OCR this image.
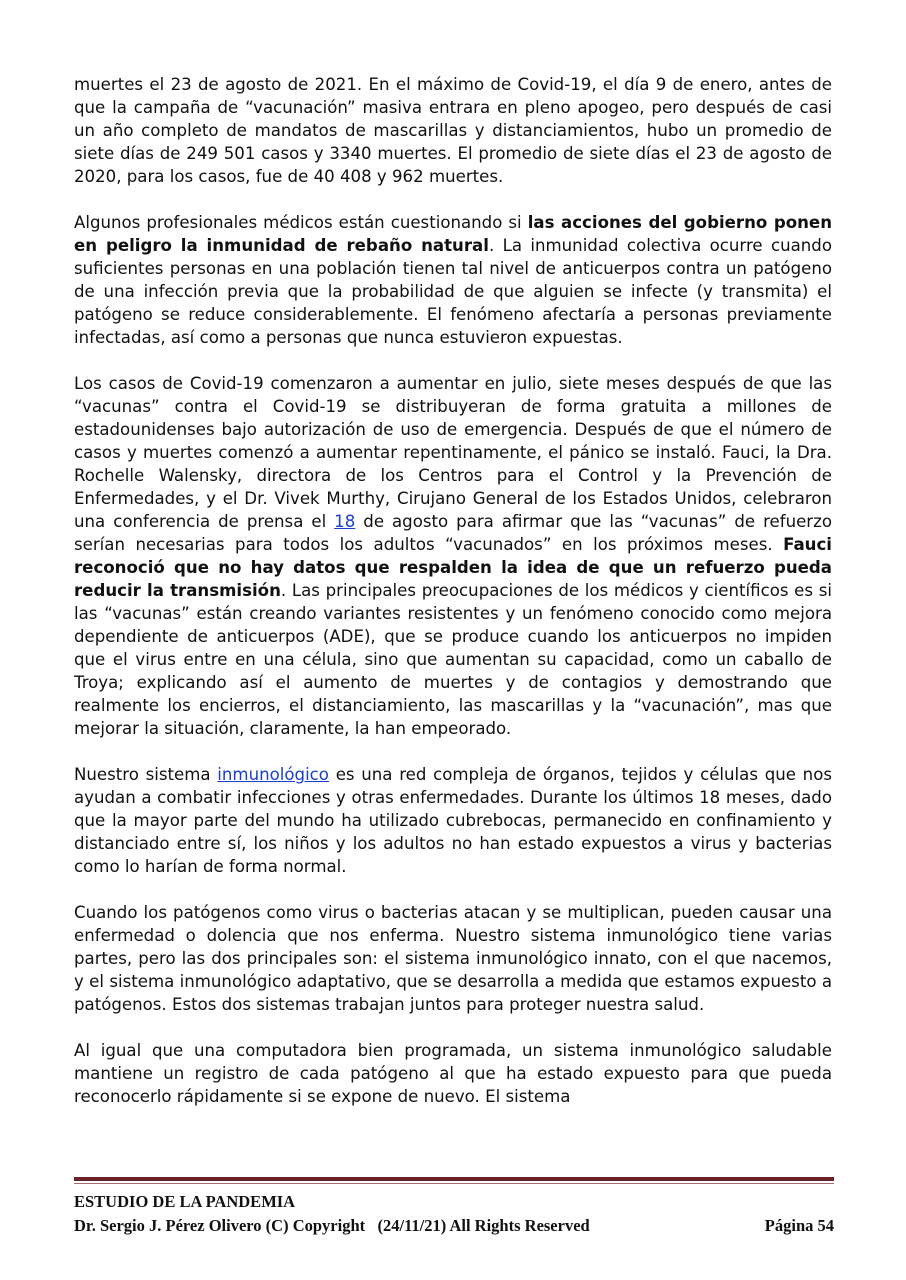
muertes el 23 de agosto de 2021. En el máximo de Covid-19, el día 9 de enero, antes de que la campaña de “vacunación” masiva entrara en pleno apogeo, pero después de casi un año completo de mandatos de mascarillas y distanciamientos, hubo un promedio de siete días de 249 501 casos y 3340 muertes. El promedio de siete días el 23 de agosto de 2020, para los casos, fue de 40 408 y 962 muertes.

Algunos profesionales médicos están cuestionando si las acciones del gobierno ponen en peligro la inmunidad de rebaño natural. La inmunidad colectiva ocurre cuando suficientes personas en una población tienen tal nivel de anticuerpos contra un patógeno de una infección previa que la probabilidad de que alguien se infecte (y transmita) el patógeno se reduce considerablemente. El fenómeno afectaría a personas previamente infectadas, así como a personas que nunca estuvieron expuestas.

Los casos de Covid-19 comenzaron a aumentar en julio, siete meses después de que las “vacunas” contra el Covid-19 se distribuyeran de forma gratuita a millones de estadounidenses bajo autorización de uso de emergencia. Después de que el número de casos y muertes comenzó a aumentar repentinamente, el pánico se instaló. Fauci, la Dra. Rochelle Walensky, directora de los Centros para el Control y la Prevención de Enfermedades, y el Dr. Vivek Murthy, Cirujano General de los Estados Unidos, celebraron una conferencia de prensa el 18 de agosto para afirmar que las “vacunas” de refuerzo serían necesarias para todos los adultos “vacunados” en los próximos meses. Fauci reconoció que no hay datos que respalden la idea de que un refuerzo pueda reducir la transmisión. Las principales preocupaciones de los médicos y científicos es si las “vacunas” están creando variantes resistentes y un fenómeno conocido como mejora dependiente de anticuerpos (ADE), que se produce cuando los anticuerpos no impiden que el virus entre en una célula, sino que aumentan su capacidad, como un caballo de Troya; explicando así el aumento de muertes y de contagios y demostrando que realmente los encierros, el distanciamiento, las mascarillas y la “vacunación”, mas que mejorar la situación, claramente, la han empeorado.

Nuestro sistema inmunológico es una red compleja de órganos, tejidos y células que nos ayudan a combatir infecciones y otras enfermedades. Durante los últimos 18 meses, dado que la mayor parte del mundo ha utilizado cubrebocas, permanecido en confinamiento y distanciado entre sí, los niños y los adultos no han estado expuestos a virus y bacterias como lo harían de forma normal.

Cuando los patógenos como virus o bacterias atacan y se multiplican, pueden causar una enfermedad o dolencia que nos enferma. Nuestro sistema inmunológico tiene varias partes, pero las dos principales son: el sistema inmunológico innato, con el que nacemos, y el sistema inmunológico adaptativo, que se desarrolla a medida que estamos expuesto a patógenos. Estos dos sistemas trabajan juntos para proteger nuestra salud.

Al igual que una computadora bien programada, un sistema inmunológico saludable mantiene un registro de cada patógeno al que ha estado expuesto para que pueda reconocerlo rápidamente si se expone de nuevo. El sistema

ESTUDIO DE LA PANDEMIA
Dr. Sergio J. Pérez Olivero (C) Copyright   (24/11/21) All Rights Reserved	Página 54
